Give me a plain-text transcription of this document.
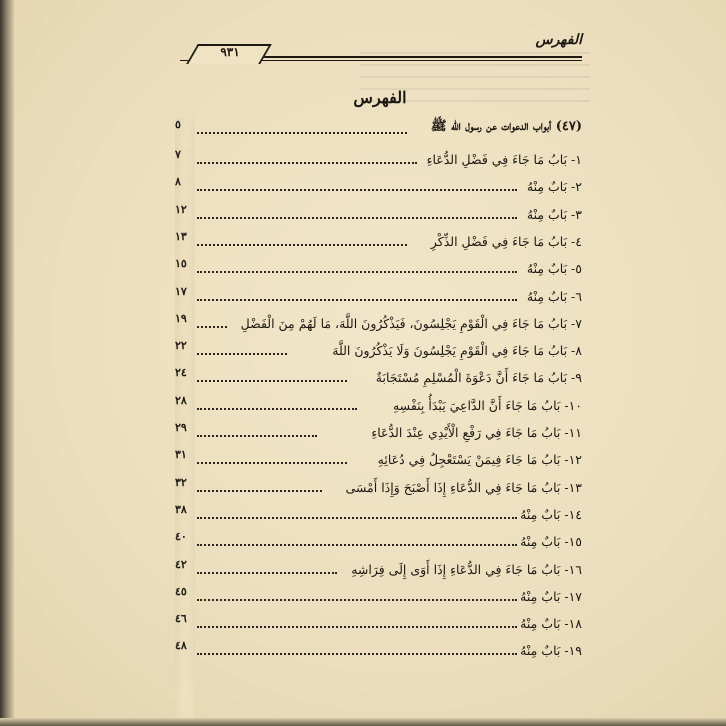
الفهرس
٩٣١
الفهرس
(٤٧) أبواب الدعوات عن رسول الله ﷺ
٥
١- بَابُ مَا جَاءَ فِي فَضْلِ الدُّعَاءِ
٧
٢- بَابٌ مِنْهُ
٨
٣- بَابٌ مِنْهُ
١٢
٤- بَابُ مَا جَاءَ فِي فَضْلِ الذِّكْرِ
١٣
٥- بَابٌ مِنْهُ
١٥
٦- بَابٌ مِنْهُ
١٧
٧- بَابُ مَا جَاءَ فِي الْقَوْمِ يَجْلِسُونَ، فَيَذْكُرُونَ اللَّهَ، مَا لَهُمْ مِنَ الْفَضْلِ
١٩
٨- بَابُ مَا جَاءَ فِي الْقَوْمِ يَجْلِسُونَ وَلَا يَذْكُرُونَ اللَّهَ
٢٢
٩- بَابُ مَا جَاءَ أَنَّ دَعْوَةَ الْمُسْلِمِ مُسْتَجَابَةٌ
٢٤
١٠- بَابُ مَا جَاءَ أَنَّ الدَّاعِيَ يَبْدَأُ بِنَفْسِهِ
٢٨
١١- بَابُ مَا جَاءَ فِي رَفْعِ الْأَيْدِي عِنْدَ الدُّعَاءِ
٢٩
١٢- بَابُ مَا جَاءَ فِيمَنْ يَسْتَعْجِلُ فِي دُعَائِهِ
٣١
١٣- بَابُ مَا جَاءَ فِي الدُّعَاءِ إِذَا أَصْبَحَ وَإِذَا أَمْسَى
٣٢
١٤- بَابٌ مِنْهُ
٣٨
١٥- بَابٌ مِنْهُ
٤٠
١٦- بَابُ مَا جَاءَ فِي الدُّعَاءِ إِذَا أَوَى إِلَى فِرَاشِهِ
٤٢
١٧- بَابٌ مِنْهُ
٤٥
١٨- بَابٌ مِنْهُ
٤٦
١٩- بَابٌ مِنْهُ
٤٨
